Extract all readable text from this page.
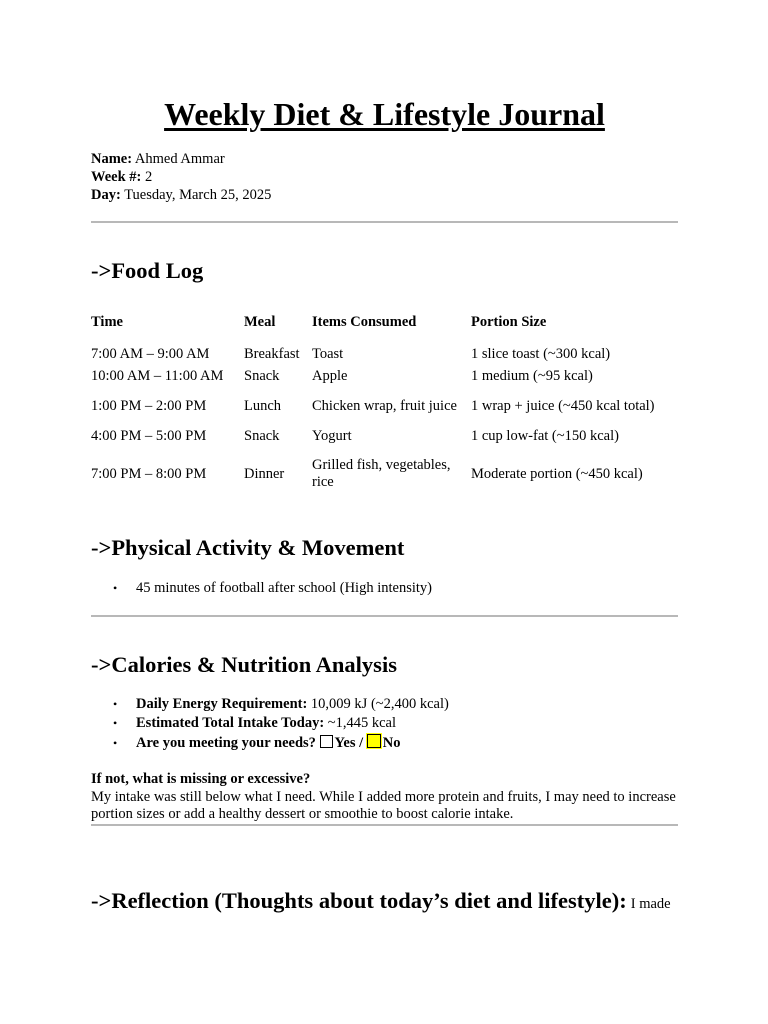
Weekly Diet & Lifestyle Journal
Name: Ahmed Ammar
Week #: 2
Day: Tuesday, March 25, 2025
->Food Log
Time	Meal	Items Consumed	Portion Size
7:00 AM – 9:00 AM	Breakfast	Toast	1 slice toast (~300 kcal)
10:00 AM – 11:00 AM	Snack	Apple	1 medium (~95 kcal)
1:00 PM – 2:00 PM	Lunch	Chicken wrap, fruit juice	1 wrap + juice (~450 kcal total)
4:00 PM – 5:00 PM	Snack	Yogurt	1 cup low-fat (~150 kcal)
7:00 PM – 8:00 PM	Dinner	Grilled fish, vegetables, rice	Moderate portion (~450 kcal)
->Physical Activity & Movement
• 45 minutes of football after school (High intensity)
->Calories & Nutrition Analysis
• Daily Energy Requirement: 10,009 kJ (~2,400 kcal)
• Estimated Total Intake Today: ~1,445 kcal
• Are you meeting your needs? Yes / No
If not, what is missing or excessive?
My intake was still below what I need. While I added more protein and fruits, I may need to increase portion sizes or add a healthy dessert or smoothie to boost calorie intake.
->Reflection (Thoughts about today’s diet and lifestyle): I made
